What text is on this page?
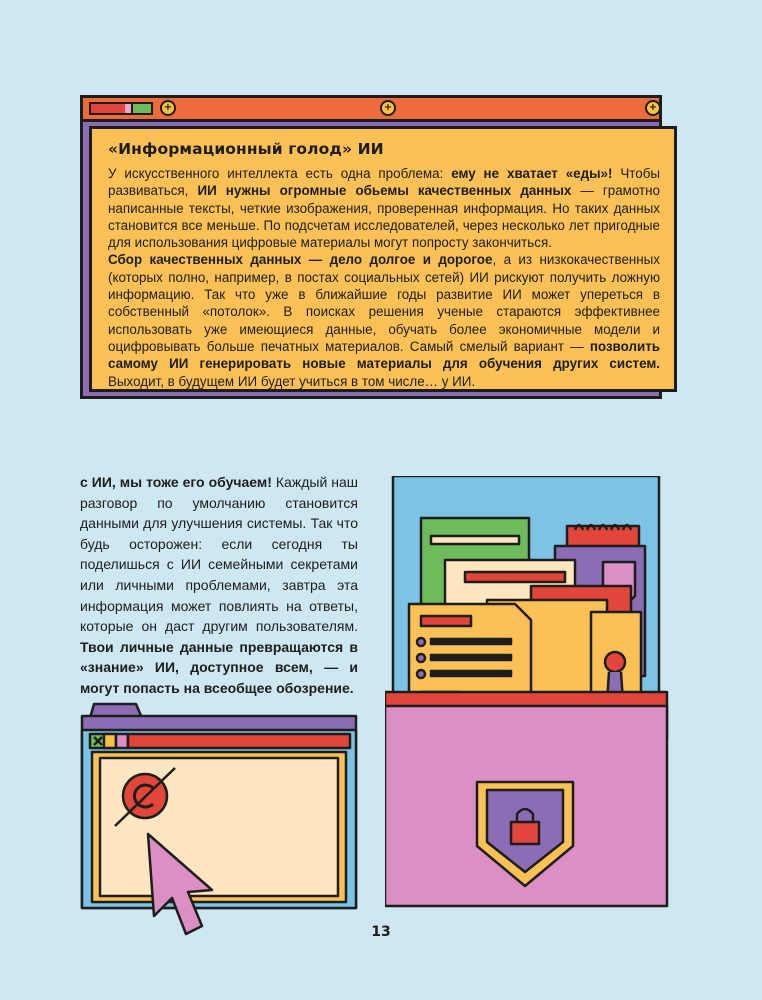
+	+	+
«Информационный голод» ИИ

У искусственного интеллекта есть одна проблема: ему не хватает «еды»! Чтобы развиваться, ИИ нужны огромные обьемы качественных данных — грамотно написанные тексты, четкие изображения, проверенная информация. Но таких данных становится все меньше. По подсчетам исследователей, через несколько лет пригодные для использования цифровые материалы могут попросту закончиться.

Сбор качественных данных — дело долгое и дорогое, а из низкокачественных (которых полно, например, в постах социальных сетей) ИИ рискуют получить ложную информацию. Так что уже в ближайшие годы развитие ИИ может упереться в собственный «потолок». В поисках решения ученые стараются эффективнее использовать уже имеющиеся данные, обучать более экономичные модели и оцифровывать больше печатных материалов. Самый смелый вариант — позволить самому ИИ генерировать новые материалы для обучения других систем. Выходит, в будущем ИИ будет учиться в том числе… у ИИ.

с ИИ, мы тоже его обучаем! Каждый наш разговор по умолчанию становится данными для улучшения системы. Так что будь осторожен: если сегодня ты поделишься с ИИ семейными секретами или личными проблемами, завтра эта информация может повлиять на ответы, которые он даст другим пользователям. Твои личные данные превращаются в «знание» ИИ, доступное всем, — и могут попасть на всеобщее обозрение.

13
